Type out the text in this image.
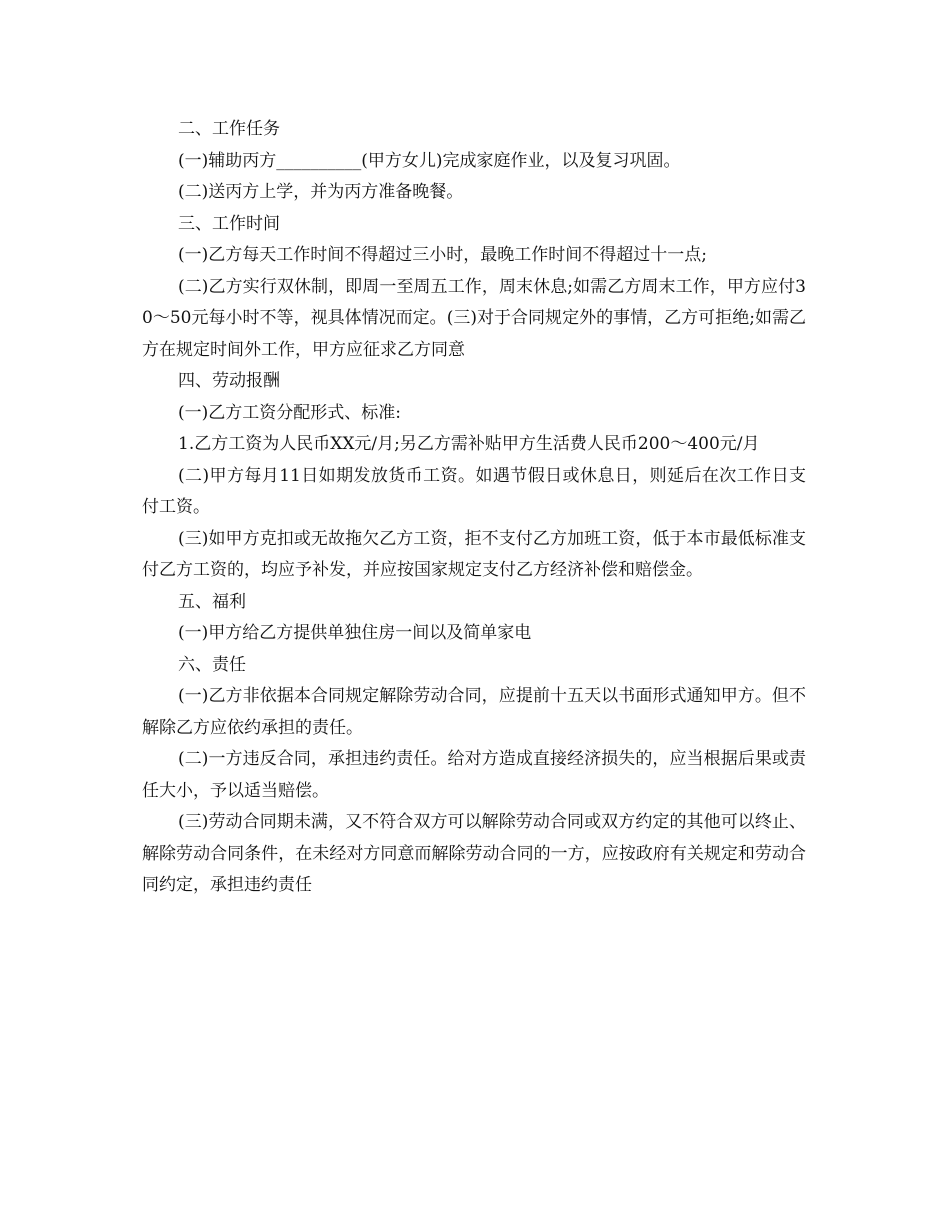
二、工作任务

(一)辅助丙方__________(甲方女儿)完成家庭作业，以及复习巩固。

(二)送丙方上学，并为丙方准备晚餐。

三、工作时间

(一)乙方每天工作时间不得超过三小时，最晚工作时间不得超过十一点;

(二)乙方实行双休制，即周一至周五工作，周末休息;如需乙方周末工作，甲方应付30～50元每小时不等，视具体情况而定。(三)对于合同规定外的事情，乙方可拒绝;如需乙方在规定时间外工作，甲方应征求乙方同意

四、劳动报酬

(一)乙方工资分配形式、标准:

1.乙方工资为人民币XX元/月;另乙方需补贴甲方生活费人民币200～400元/月

(二)甲方每月11日如期发放货币工资。如遇节假日或休息日，则延后在次工作日支付工资。

(三)如甲方克扣或无故拖欠乙方工资，拒不支付乙方加班工资，低于本市最低标准支付乙方工资的，均应予补发，并应按国家规定支付乙方经济补偿和赔偿金。

五、福利

(一)甲方给乙方提供单独住房一间以及简单家电

六、责任

(一)乙方非依据本合同规定解除劳动合同，应提前十五天以书面形式通知甲方。但不解除乙方应依约承担的责任。

(二)一方违反合同，承担违约责任。给对方造成直接经济损失的，应当根据后果或责任大小，予以适当赔偿。

(三)劳动合同期未满，又不符合双方可以解除劳动合同或双方约定的其他可以终止、解除劳动合同条件，在未经对方同意而解除劳动合同的一方，应按政府有关规定和劳动合同约定，承担违约责任
